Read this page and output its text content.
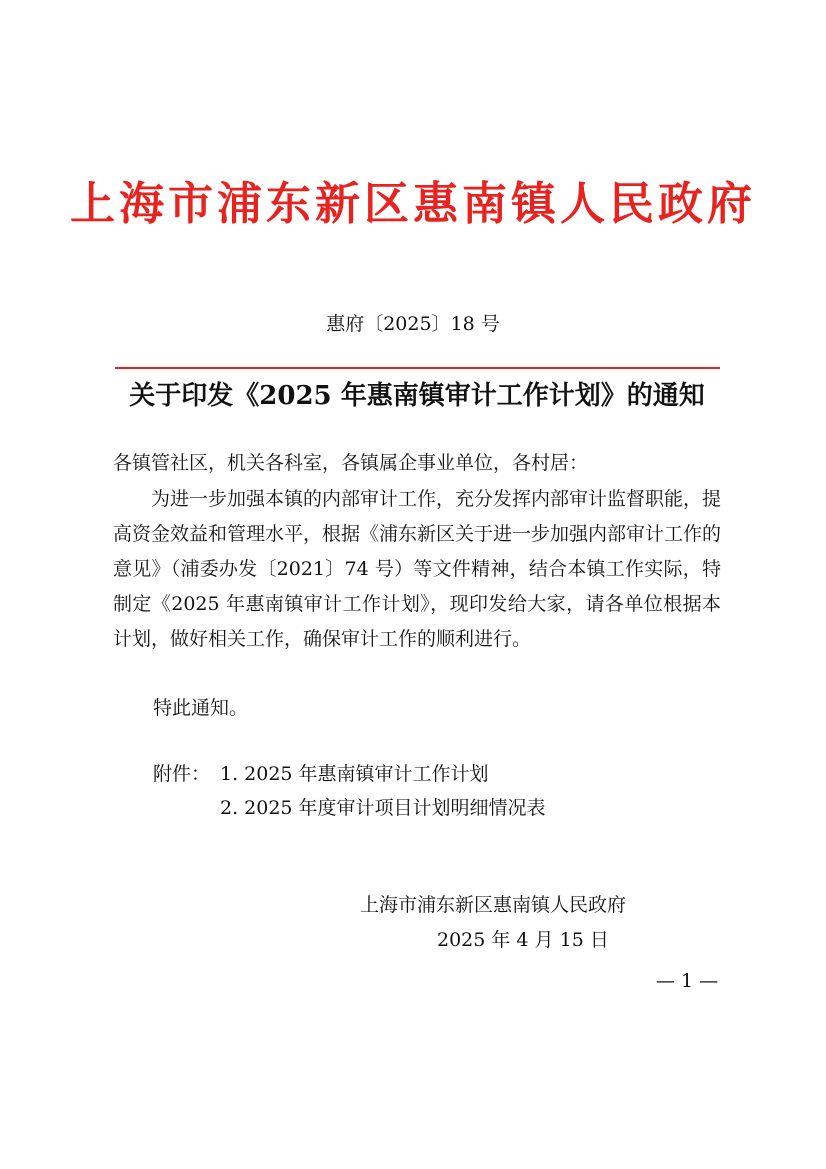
上海市浦东新区惠南镇人民政府
惠府〔2025〕18 号
关于印发《2025 年惠南镇审计工作计划》的通知
各镇管社区，机关各科室，各镇属企事业单位，各村居：
为进一步加强本镇的内部审计工作，充分发挥内部审计监督职能，提高资金效益和管理水平，根据《浦东新区关于进一步加强内部审计工作的意见》（浦委办发〔2021〕74 号）等文件精神，结合本镇工作实际，特制定《2025 年惠南镇审计工作计划》，现印发给大家，请各单位根据本计划，做好相关工作，确保审计工作的顺利进行。
特此通知。
附件： 1. 2025 年惠南镇审计工作计划
2. 2025 年度审计项目计划明细情况表
上海市浦东新区惠南镇人民政府
2025 年 4 月 15 日
— 1 —
